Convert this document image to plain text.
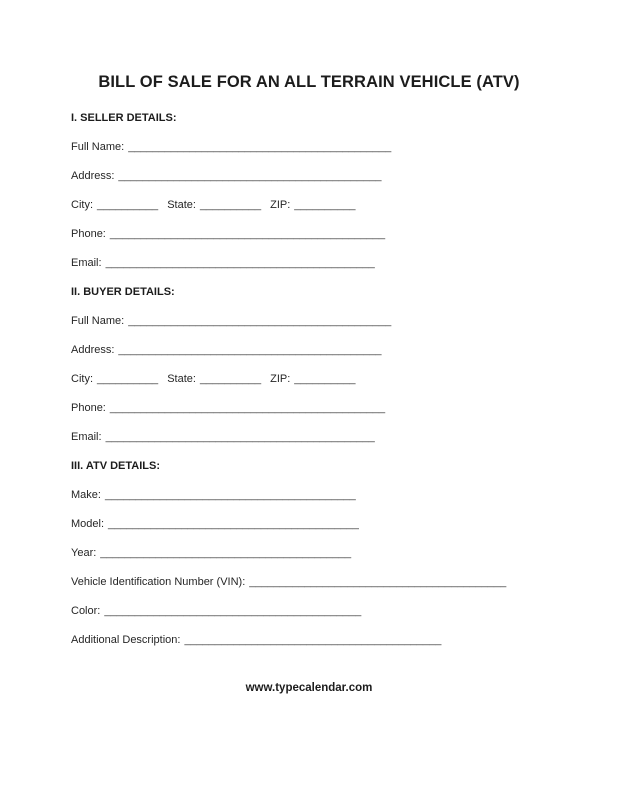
BILL OF SALE FOR AN ALL TERRAIN VEHICLE (ATV)
I. SELLER DETAILS:
Full Name: ___________________________________________
Address: ___________________________________________
City: __________ State: __________ ZIP: __________
Phone: _____________________________________________
Email: ____________________________________________
II. BUYER DETAILS:
Full Name: ___________________________________________
Address: ___________________________________________
City: __________ State: __________ ZIP: __________
Phone: _____________________________________________
Email: ____________________________________________
III. ATV DETAILS:
Make: _________________________________________
Model: _________________________________________
Year: _________________________________________
Vehicle Identification Number (VIN): __________________________________________
Color: __________________________________________
Additional Description: __________________________________________
www.typecalendar.com
